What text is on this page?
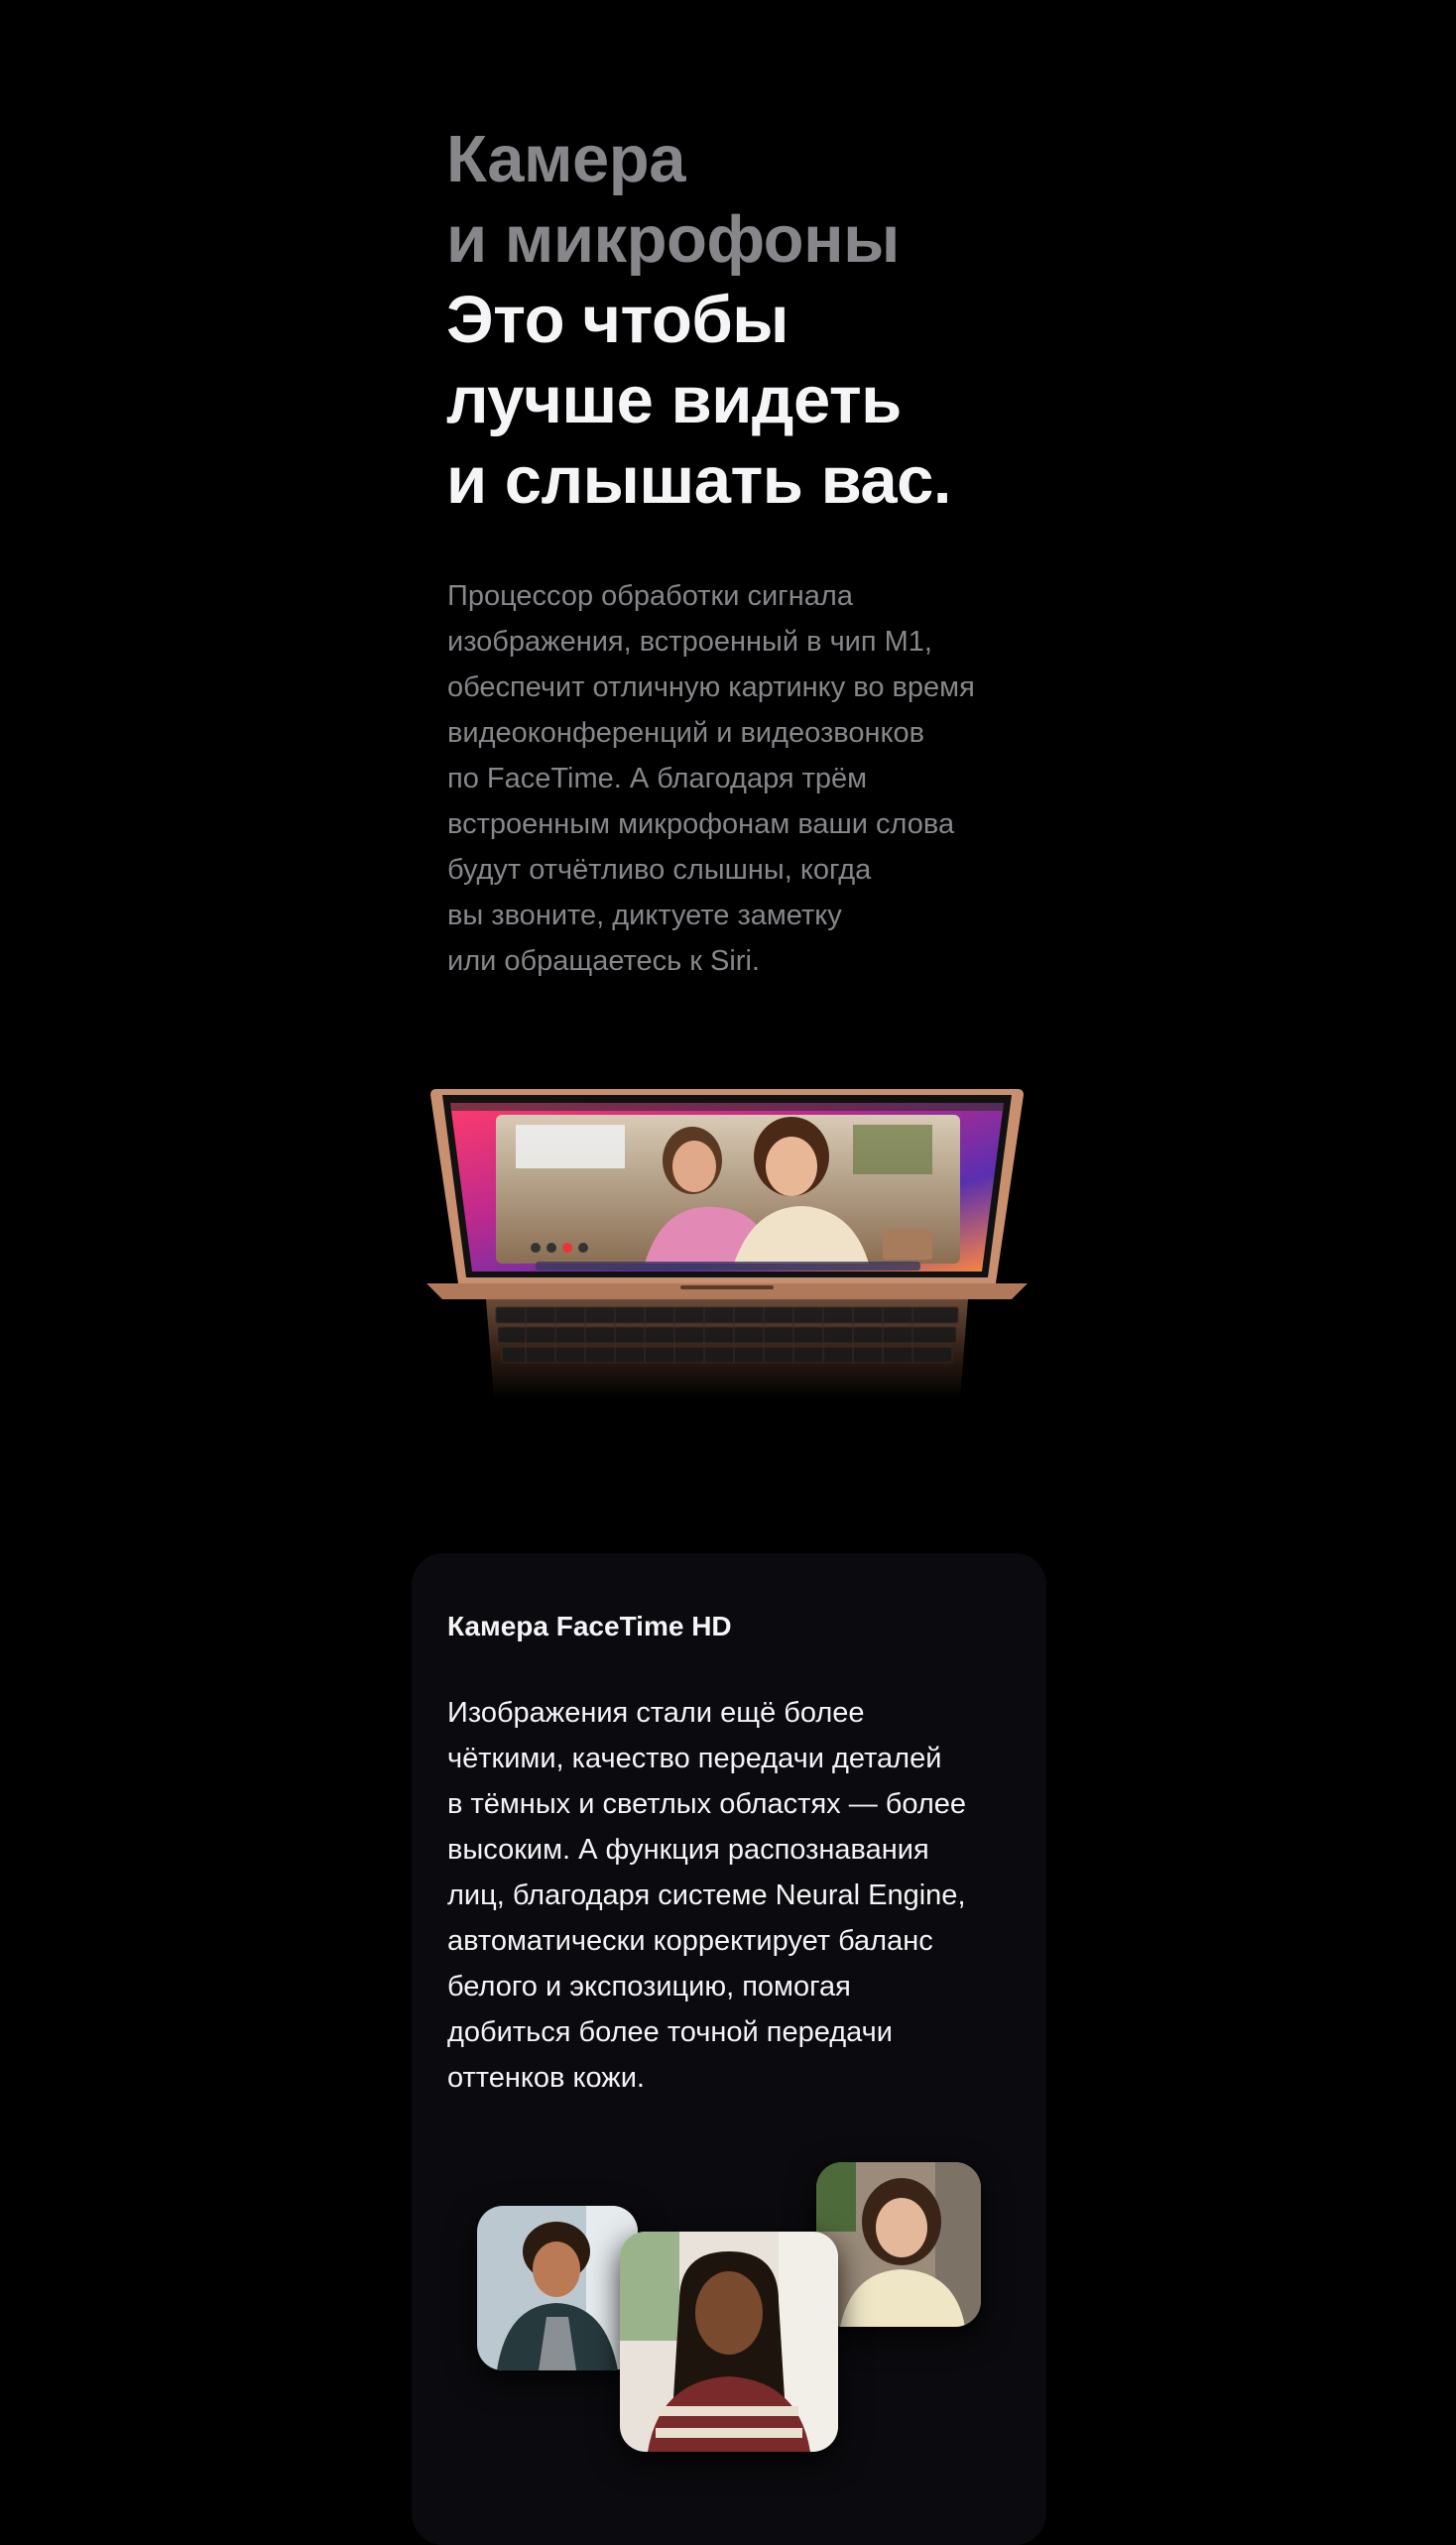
Камера
и микрофоны
Это чтобы
лучше видеть
и слышать вас.

Процессор обработки сигнала
изображения, встроенный в чип M1,
обеспечит отличную картинку во время
видеоконференций и видеозвонков
по FaceTime. А благодаря трём
встроенным микрофонам ваши слова
будут отчётливо слышны, когда
вы звоните, диктуете заметку
или обращаетесь к Siri.

Камера FaceTime HD

Изображения стали ещё более
чёткими, качество передачи деталей
в тёмных и светлых областях — более
высоким. А функция распознавания
лиц, благодаря системе Neural Engine,
автоматически корректирует баланс
белого и экспозицию, помогая
добиться более точной передачи
оттенков кожи.
